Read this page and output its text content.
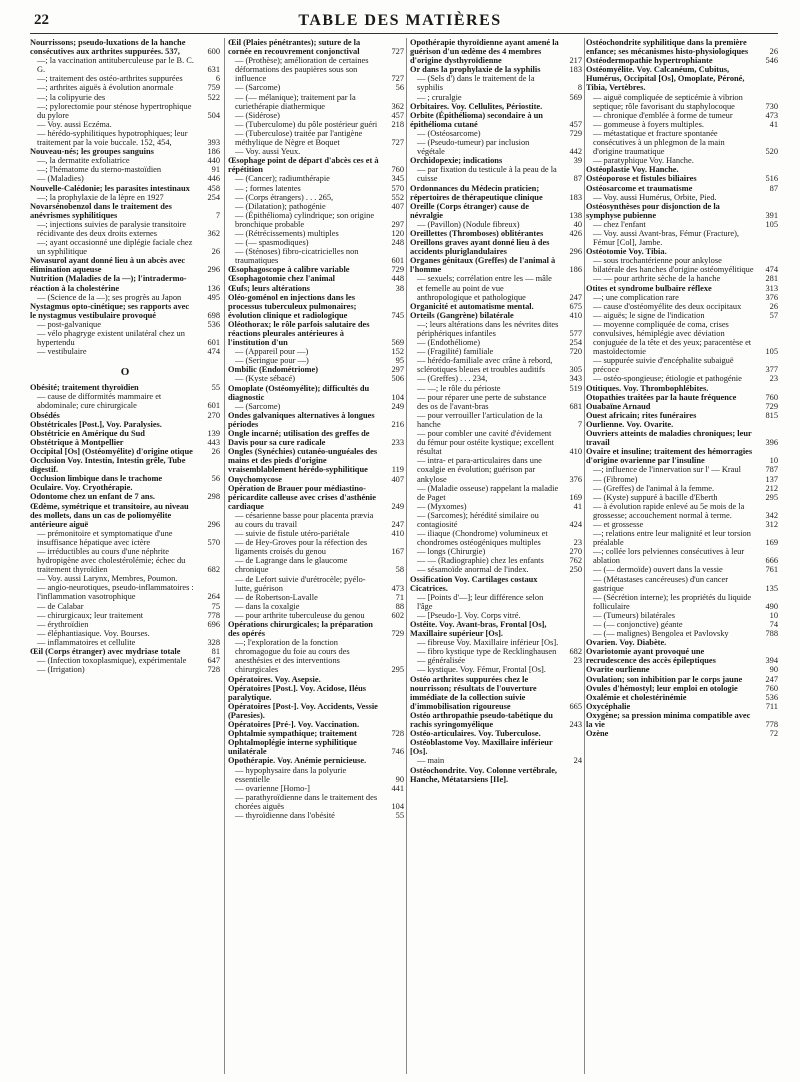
22	TABLE DES MATIÈRES
Nourrissons; pseudo-luxations de la hanche consécutives aux arthrites suppurées. 537,	600
—; la vaccination antituberculeuse par le B. C. G.	631
—; traitement des ostéo-arthrites suppurées	6
—; arthrites aiguës à évolution anormale	759
—; la colipyurie des	522
—; pylorectomie pour sténose hypertrophique du pylore	504
— Voy. aussi Eczéma.
— hérédo-syphilitiques hypotrophiques; leur traitement par la voie buccale. 152, 454,	393
Nouveau-nés; les groupes sanguins	186
—, la dermatite exfoliatrice	440
—; l'hématome du sterno-mastoïdien	91
— (Maladies)	446
Nouvelle-Calédonie; les parasites intestinaux	458
—; la prophylaxie de la lèpre en 1927	254
Novarsénobenzol dans le traitement des anévrismes syphilitiques	7
—; injections suivies de paralysie transitoire récidivante des deux droits externes	362
—; ayant occasionné une diplégie faciale chez un syphilitique	26
Novasurol ayant donné lieu à un abcès avec élimination aqueuse	296
Nutrition (Maladies de la —); l'intradermo-réaction à la cholestérine	136
— (Science de la —); ses progrès au Japon	495
Nystagmus opto-cinétique; ses rapports avec le nystagmus vestibulaire provoqué	698
— post-galvanique	536
— vélo phagryge existent unilatéral chez un hypertendu	601
— vestibulaire	474
O
Obésité; traitement thyroïdien	55
— cause de difformités mammaire et abdominale; cure chirurgicale	601
Obsédés	270
Obstétricales [Post.], Voy. Paralysies.
Obstétricie en Amérique du Sud	139
Obstétrique à Montpellier	443
Occipital [Os] (Ostéomyélite) d'origine otique	26
Occlusion Voy. Intestin, Intestin grêle, Tube digestif.
Occlusion limbique dans le trachome	56
Oculaire. Voy. Cryothérapie.
Odontome chez un enfant de 7 ans.	298
Œdème, symétrique et transitoire, au niveau des mollets, dans un cas de poliomyélite antérieure aiguë	296
— prémonitoire et symptomatique d'une insuffisance hépatique avec ictère	570
— irréductibles au cours d'une néphrite hydropigène avec cholestérolémie; échec du traitement thyroïdien	682
— Voy. aussi Larynx, Membres, Poumon.
— angio-neurotiques, pseudo-inflammatoires : l'inflammation vasotrophique	264
— de Calabar	75
— chirurgicaux; leur traitement	778
— érythroïdien	696
— éléphantiasique. Voy. Bourses.
— inflammatoires et cellulite	328
Œil (Corps étranger) avec mydriase totale	81
— (Infection toxoplasmique), expérimentale	647
— (Irrigation)	728
Œil (Plaies pénétrantes); suture de la cornée en recouvrement conjonctival	727
— (Prothèse); amélioration de certaines déformations des paupières sous son influence	727
— (Sarcome)	56
— (— mélanique); traitement par la curiethérapie diathermique	362
— (Sidérose)	457
— (Tuberculome) du pôle postérieur guéri	218
— (Tuberculose) traitée par l'antigène méthylique de Nègre et Boquet	727
— Voy. aussi Yeux.
Œsophage point de départ d'abcès ces et à répétition	760
— (Cancer); radiumthérapie	345
— ; formes latentes	570
— (Corps étrangers) . . . 265,	552
— (Dilatation); pathogénie	407
— (Épithélioma) cylindrique; son origine bronchique probable	297
— (Rétrécissements) multiples	120
— (— spasmodiques)	248
— (Sténoses) fibro-cicatricielles non traumatiques	601
Œsophagoscope à calibre variable	729
Œsophagotomie chez l'animal	448
Œufs; leurs altérations	38
Oléo-goménol en injections dans les processus tuberculeux pulmonaires; évolution clinique et radiologique	745
Oléothorax; le rôle parfois salutaire des réactions pleurales antérieures à l'institution d'un	569
— (Appareil pour —)	152
— (Seringue pour —)	95
Ombilic (Endométriome)	297
— (Kyste sébacé)	506
Omoplate (Ostéomyélite); difficultés du diagnostic	104
— (Sarcome)	249
Ondes galvaniques alternatives à longues périodes	216
Ongle incarné; utilisation des greffes de Davis pour sa cure radicale	233
Ongles (Synéchies) cutanéo-unguéales des mains et des pieds d'origine vraisemblablement hérédo-syphilitique	119
Onychomycose	407
Opération de Brauer pour médiastino-péricardite calleuse avec crises d'asthénie cardiaque	249
— césarienne basse pour placenta prævia au cours du travail	247
— suivie de fistule utéro-pariétale	410
— de Hey-Groves pour la réfection des ligaments croisés du genou	167
— de Lagrange dans le glaucome chronique	58
— de Lefort suivie d'urétrocèle; pyélo-lutte, guérison	473
— de Robertson-Lavalle	71
— dans la coxalgie	88
— pour arthrite tuberculeuse du genou	602
Opérations chirurgicales; la préparation des opérés	729
—; l'exploration de la fonction chromagogue du foie au cours des anesthésies et des interventions chirurgicales	295
Opératoires. Voy. Asepsie.
Opératoires [Post.]. Voy. Acidose, Iléus paralytique.
Opératoires [Post-]. Voy. Accidents, Vessie (Paresies).
Opératoires [Pré-]. Voy. Vaccination.
Ophtalmie sympathique; traitement	728
Ophtalmoplégie interne syphilitique unilatérale	746
Opothérapie. Voy. Anémie pernicieuse.
— hypophysaire dans la polyurie essentielle	90
— ovarienne [Homo-]	441
— parathyroïdienne dans le traitement des chorées aiguës	104
— thyroïdienne dans l'obésité	55
Opothérapie thyroïdienne ayant amené la guérison d'un œdème des 4 membres d'origine dysthyroïdienne	217
Or dans la prophylaxie de la syphilis	183
— (Sels d') dans le traitement de la syphilis	8
— ; cruralgie	569
Orbitaires. Voy. Cellulites, Périostite.
Orbite (Épithélioma) secondaire à un épithélioma cutané	457
— (Ostéosarcome)	729
— (Pseudo-tumeur) par inclusion végétale	442
Orchidopexie; indications	39
— par fixation du testicule à la peau de la cuisse	87
Ordonnances du Médecin praticien; répertoires de thérapeutique clinique	183
Oreille (Corps étranger) cause de névralgie	138
— (Pavillon) (Nodule fibreux)	40
Oreillettes (Thromboses) oblitérantes	426
Oreillons graves ayant donné lieu à des accidents pluriglandulaires	296
Organes génitaux (Greffes) de l'animal à l'homme	186
— sexuels; corrélation entre les — mâle et femelle au point de vue anthropologique et pathologique	247
Organicité et automatisme mental.	675
Orteils (Gangrène) bilatérale	410
—; leurs altérations dans les névrites dites périphériques infantiles	577
— (Endothéliome)	254
— (Fragilité) familiale	720
— hérédo-familiale avec crâne à rebord, sclérotiques bleues et troubles auditifs	305
— (Greffes) . . . 234,	343
— —; le rôle du périoste	519
— pour réparer une perte de substance des os de l'avant-bras	681
— pour verrouiller l'articulation de la hanche	7
— pour combler une cavité d'évidement du fémur pour ostéite kystique; excellent résultat	410
— intra- et para-articulaires dans une coxalgie en évolution; guérison par ankylose	376
— (Maladie osseuse) rappelant la maladie de Paget	169
— (Myxomes)	41
— (Sarcomes); hérédité similaire ou contagiosité	424
— iliaque (Chondrome) volumineux et chondromes ostéogéniques multiples	23
— longs (Chirurgie)	270
— — (Radiographie) chez les enfants	762
— sésamoïde anormal de l'index.	250
Ossification Voy. Cartilages costaux Cicatrices.
— [Points d'—]; leur différence selon l'âge
— [Pseudo-]. Voy. Corps vitré.
Ostéite. Voy. Avant-bras, Frontal [Os], Maxillaire supérieur [Os].
— fibreuse Voy. Maxillaire inférieur [Os].
— fibro kystique type de Recklinghausen	682
— généralisée	23
— kystique. Voy. Fémur, Frontal [Os].
Ostéo arthrites suppurées chez le nourrisson; résultats de l'ouverture immédiate de la collection suivie d'immobilisation rigoureuse	665
Ostéo arthropathie pseudo-tabétique du rachis syringomyélique	243
Ostéo-articulaires. Voy. Tuberculose.
Ostéoblastome Voy. Maxillaire inférieur [Os].
— main	24
Ostéochondrite. Voy. Colonne vertébrale, Hanche, Métatarsiens [IIe].
Ostéochondrite syphilitique dans la première enfance; ses mécanismes histo-physiologiques	26
Ostéodermopathie hypertrophiante	546
Ostéomyélite. Voy. Calcanéum, Cubitus, Humérus, Occipital [Os], Omoplate, Péroné, Tibia, Vertèbres.
— aiguë compliquée de septicémie à vibrion septique; rôle favorisant du staphylocoque	730
— chronique d'emblée à forme de tumeur	473
— gommeuse à foyers multiples.	41
— métastatique et fracture spontanée consécutives à un phlegmon de la main d'origine traumatique	520
— paratyphique Voy. Hanche.
Ostéoplastie Voy. Hanche.
Ostéoporose et fistules biliaires	516
Ostéosarcome et traumatisme	87
— Voy. aussi Humérus, Orbite, Pied.
Ostéosynthèses pour disjonction de la symphyse pubienne	391
— chez l'enfant	105
— Voy. aussi Avant-bras, Fémur (Fracture), Fémur [Col], Jambe.
Ostéotomie Voy. Tibia.
— sous trochantérienne pour ankylose bilatérale des hanches d'origine ostéomyélitique	474
— — pour arthrite sèche de la hanche	281
Otites et syndrome bulbaire réflexe	313
—; une complication rare	376
— cause d'ostéomyélite des deux occipitaux	26
— aiguës; le signe de l'indication	57
— moyenne compliquée de coma, crises convulsives, hémiplégie avec déviation conjuguée de la tête et des yeux; paracentèse et mastoïdectomie	105
— suppurée suivie d'encéphalite subaiguë précoce	377
— ostéo-spongieuse; étiologie et pathogénie	23
Otitiques. Voy. Thrombophlébites.
Otopathies traitées par la haute fréquence	760
Ouabaïne Arnaud	729
Ouest africain; rites funéraires	815
Ourlienne. Voy. Ovarite.
Ouvriers atteints de maladies chroniques; leur travail	396
Ovaire et insuline; traitement des hémorragies d'origine ovarienne par l'insuline	10
—; influence de l'innervation sur l' — Kraul	787
— (Fibrome)	137
— (Greffes) de l'animal à la femme.	212
— (Kyste) suppuré à bacille d'Eberth	295
— à évolution rapide enlevé au 5e mois de la grossesse; accouchement normal à terme.	342
— et grossesse	312
—; relations entre leur malignité et leur torsion préalable	169
—; collée lors pelviennes consécutives à leur ablation	666
— (— dermoïde) ouvert dans la vessie	761
— (Métastases cancéreuses) d'un cancer gastrique	135
— (Sécrétion interne); les propriétés du liquide folliculaire	490
— (Tumeurs) bilatérales	10
— (— conjonctive) géante	74
— (— malignes) Bengolea et Pavlovsky	788
Ovarien. Voy. Diabète.
Ovariotomie ayant provoqué une recrudescence des accès épileptiques	394
Ovarite ourlienne	90
Ovulation; son inhibition par le corps jaune	247
Ovules d'hémostyl; leur emploi en otologie	760
Oxalémie et cholestérinémie	536
Oxycéphalie	711
Oxygène; sa pression minima compatible avec la vie	778
Ozène	72
